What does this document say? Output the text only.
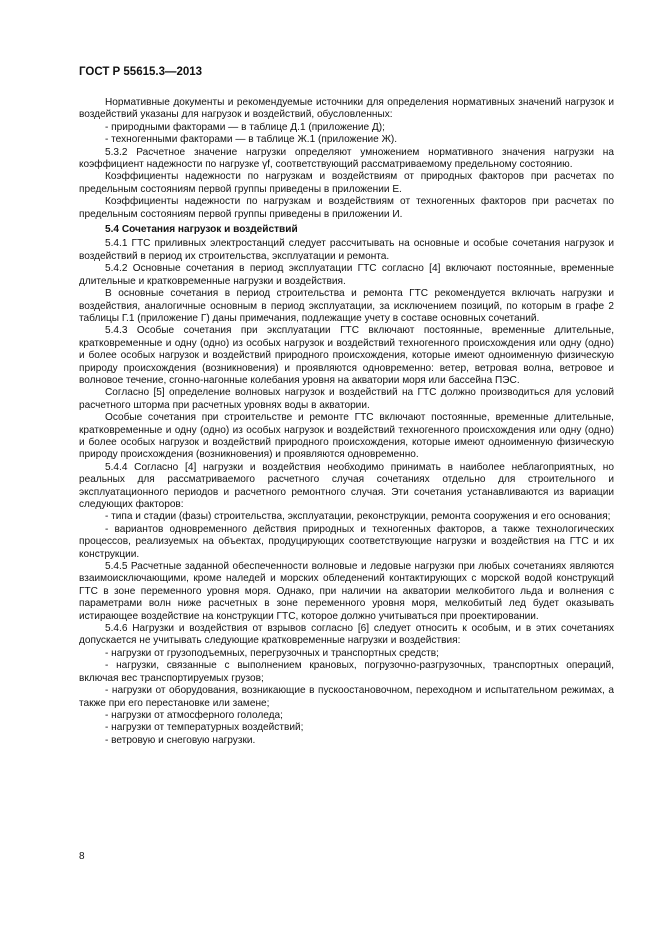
ГОСТ Р 55615.3—2013

Нормативные документы и рекомендуемые источники для определения нормативных значений нагрузок и воздействий указаны для нагрузок и воздействий, обусловленных:

- природными факторами — в таблице Д.1 (приложение Д);

- техногенными факторами — в таблице Ж.1 (приложение Ж).

5.3.2 Расчетное значение нагрузки определяют умножением нормативного значения нагрузки на коэффициент надежности по нагрузке γf, соответствующий рассматриваемому предельному состоянию.

Коэффициенты надежности по нагрузкам и воздействиям от природных факторов при расчетах по предельным состояниям первой группы приведены в приложении Е.

Коэффициенты надежности по нагрузкам и воздействиям от техногенных факторов при расчетах по предельным состояниям первой группы приведены в приложении И.

5.4 Сочетания нагрузок и воздействий

5.4.1 ГТС приливных электростанций следует рассчитывать на основные и особые сочетания нагрузок и воздействий в период их строительства, эксплуатации и ремонта.

5.4.2 Основные сочетания в период эксплуатации ГТС согласно [4] включают постоянные, временные длительные и кратковременные нагрузки и воздействия.

В основные сочетания в период строительства и ремонта ГТС рекомендуется включать нагрузки и воздействия, аналогичные основным в период эксплуатации, за исключением позиций, по которым в графе 2 таблицы Г.1 (приложение Г) даны примечания, подлежащие учету в составе основных сочетаний.

5.4.3 Особые сочетания при эксплуатации ГТС включают постоянные, временные длительные, кратковременные и одну (одно) из особых нагрузок и воздействий техногенного происхождения или одну (одно) и более особых нагрузок и воздействий природного происхождения, которые имеют одноименную физическую природу происхождения (возникновения) и проявляются одновременно: ветер, ветровая волна, ветровое и волновое течение, сгонно-нагонные колебания уровня на акватории моря или бассейна ПЭС.

Согласно [5] определение волновых нагрузок и воздействий на ГТС должно производиться для условий расчетного шторма при расчетных уровнях воды в акватории.

Особые сочетания при строительстве и ремонте ГТС включают постоянные, временные длительные, кратковременные и одну (одно) из особых нагрузок и воздействий техногенного происхождения или одну (одно) и более особых нагрузок и воздействий природного происхождения, которые имеют одноименную физическую природу происхождения (возникновения) и проявляются одновременно.

5.4.4 Согласно [4] нагрузки и воздействия необходимо принимать в наиболее неблагоприятных, но реальных для рассматриваемого расчетного случая сочетаниях отдельно для строительного и эксплуатационного периодов и расчетного ремонтного случая. Эти сочетания устанавливаются из вариации следующих факторов:

- типа и стадии (фазы) строительства, эксплуатации, реконструкции, ремонта сооружения и его основания;

- вариантов одновременного действия природных и техногенных факторов, а также технологических процессов, реализуемых на объектах, продуцирующих соответствующие нагрузки и воздействия на ГТС и их конструкции.

5.4.5 Расчетные заданной обеспеченности волновые и ледовые нагрузки при любых сочетаниях являются взаимоисключающими, кроме наледей и морских обледенений контактирующих с морской водой конструкций ГТС в зоне переменного уровня моря. Однако, при наличии на акватории мелкобитого льда и волнения с параметрами волн ниже расчетных в зоне переменного уровня моря, мелкобитый лед будет оказывать истирающее воздействие на конструкции ГТС, которое должно учитываться при проектировании.

5.4.6 Нагрузки и воздействия от взрывов согласно [6] следует относить к особым, и в этих сочетаниях допускается не учитывать следующие кратковременные нагрузки и воздействия:

- нагрузки от грузоподъемных, перегрузочных и транспортных средств;

- нагрузки, связанные с выполнением крановых, погрузочно-разгрузочных, транспортных операций, включая вес транспортируемых грузов;

- нагрузки от оборудования, возникающие в пускоостановочном, переходном и испытательном режимах, а также при его перестановке или замене;

- нагрузки от атмосферного гололеда;

- нагрузки от температурных воздействий;

- ветровую и снеговую нагрузки.

8
